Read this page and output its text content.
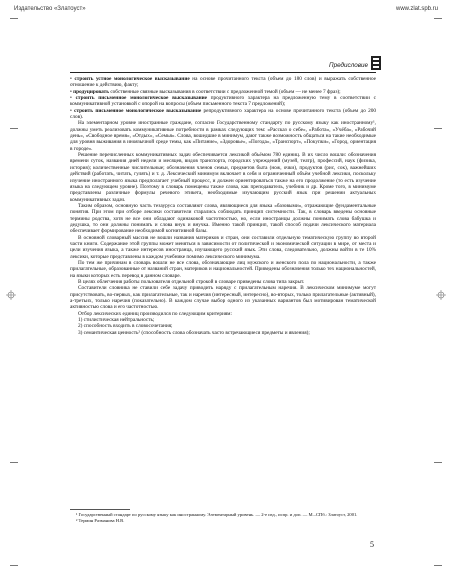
Издательство «Златоуст»	www.zlat.spb.ru
Предисловие

• строить устное монологическое высказывание на основе прочитанного текста (объем до 180 слов) и выражать собственное отношение к действию, факту;

• продуцировать собственные связные высказывания в соответствии с предложенной темой (объем — не менее 7 фраз);

• строить письменное монологическое высказывание продуктивного характера на предложенную тему в соответствии с коммуникативной установкой с опорой на вопросы (объем письменного текста 7 предложений);

• строить письменное монологическое высказывание репродуктивного характера на основе прочитанного текста (объем до 200 слов).

На элементарном уровне иностранные граждане, согласно Государственному стандарту по русскому языку как иностранному¹, должны уметь реализовать коммуникативные потребности в рамках следующих тем: «Рассказ о себе», «Работа», «Учёба», «Рабочий день», «Свободное время», «Отдых», «Семья». Слова, вошедшие в минимум, дают также возможность общаться на такие необходимые для уровня выживания в иноязычной среде темы, как «Питание», «Здоровье», «Погода», «Транспорт», «Покупки», «Город, ориентация в городе».

Решение перечисленных коммуникативных задач обеспечивается лексикой объёмом 780 единиц. В их число вошли: обозначения времени суток, названия дней недели и месяцев, видов транспорта, городских учреждений (музей, театр), профессий, наук (физика, история); количественные числительные; обозначения членов семьи, предметов быта (нож, очки), продуктов (рис, сок), важнейших действий (работать, читать, гулять) и т. д. Лексический минимум включает в себя и ограниченный объём учебной лексики, поскольку изучение иностранного языка предполагает учебный процесс, и должен ориентироваться также на его продолжение (то есть изучение языка на следующем уровне). Поэтому в словарь помещены также слова, как преподаватель, учебник и др. Кроме того, в минимуме представлены различные формулы речевого этикета, необходимые изучающим русский язык при решении актуальных коммуникативных задач.

Таким образом, основную часть тезауруса составляют слова, являющиеся для языка «базовыми», отражающие фундаментальные понятия. При этом при отборе лексики составители старались соблюдать принцип системности. Так, в словарь введены основные термины родства, хотя не все они обладают одинаковой частотностью, но, если иностранцы должны понимать слова бабушка и дедушка, то они должны понимать и слова внук и внучка. Именно такой принцип, такой способ подачи лексического материала обеспечивает формирование необходимой когнитивной базы.

В основной словарный массив не вошли названия материков и стран, они составили отдельную тематическую группу во второй части книги. Содержание этой группы может меняться в зависимости от политической и экономической ситуации в мире, от места и цели изучения языка, а также интересов иностранца, изучающего русский язык. Эти слова, следовательно, должны войти в те 10% лексики, которые представлены в каждом учебнике помимо лексического минимума.

По тем же причинам в словарь вошли не все слова, обозначающие лиц мужского и женского пола по национальности, а также прилагательные, образованные от названий стран, материков и национальностей. Приведены обозначения только тех национальностей, на языки которых есть перевод в данном словаре.

В целях облегчения работы пользователя отдельной строкой в словаре приведены слова типа закрыт.

Составители словника не ставили себе задачу приводить наряду с прилагательным наречия. В лексическом минимуме могут присутствовать, во-первых, как прилагательные, так и наречия (интересный, интересно), во-вторых, только прилагательные (активный), а-третьих, только наречия (показательно). В каждом случае выбор одного из указанных вариантов был мотивирован тематической активностью слова и его частотностью.

Отбор лексических единиц производился по следующим критериям:

1) стилистическая нейтральность;

2) способность входить в словосочетания;

3) семантическая ценность² (способность слова обозначать часто встречающиеся предметы и явления);

¹ Государственный стандарт по русскому языку как иностранному. Элементарный уровень. — 2-е изд., испр. и доп. — М.–СПб.: Златоуст, 2001.

² Термин Разманова Н.В.

5
